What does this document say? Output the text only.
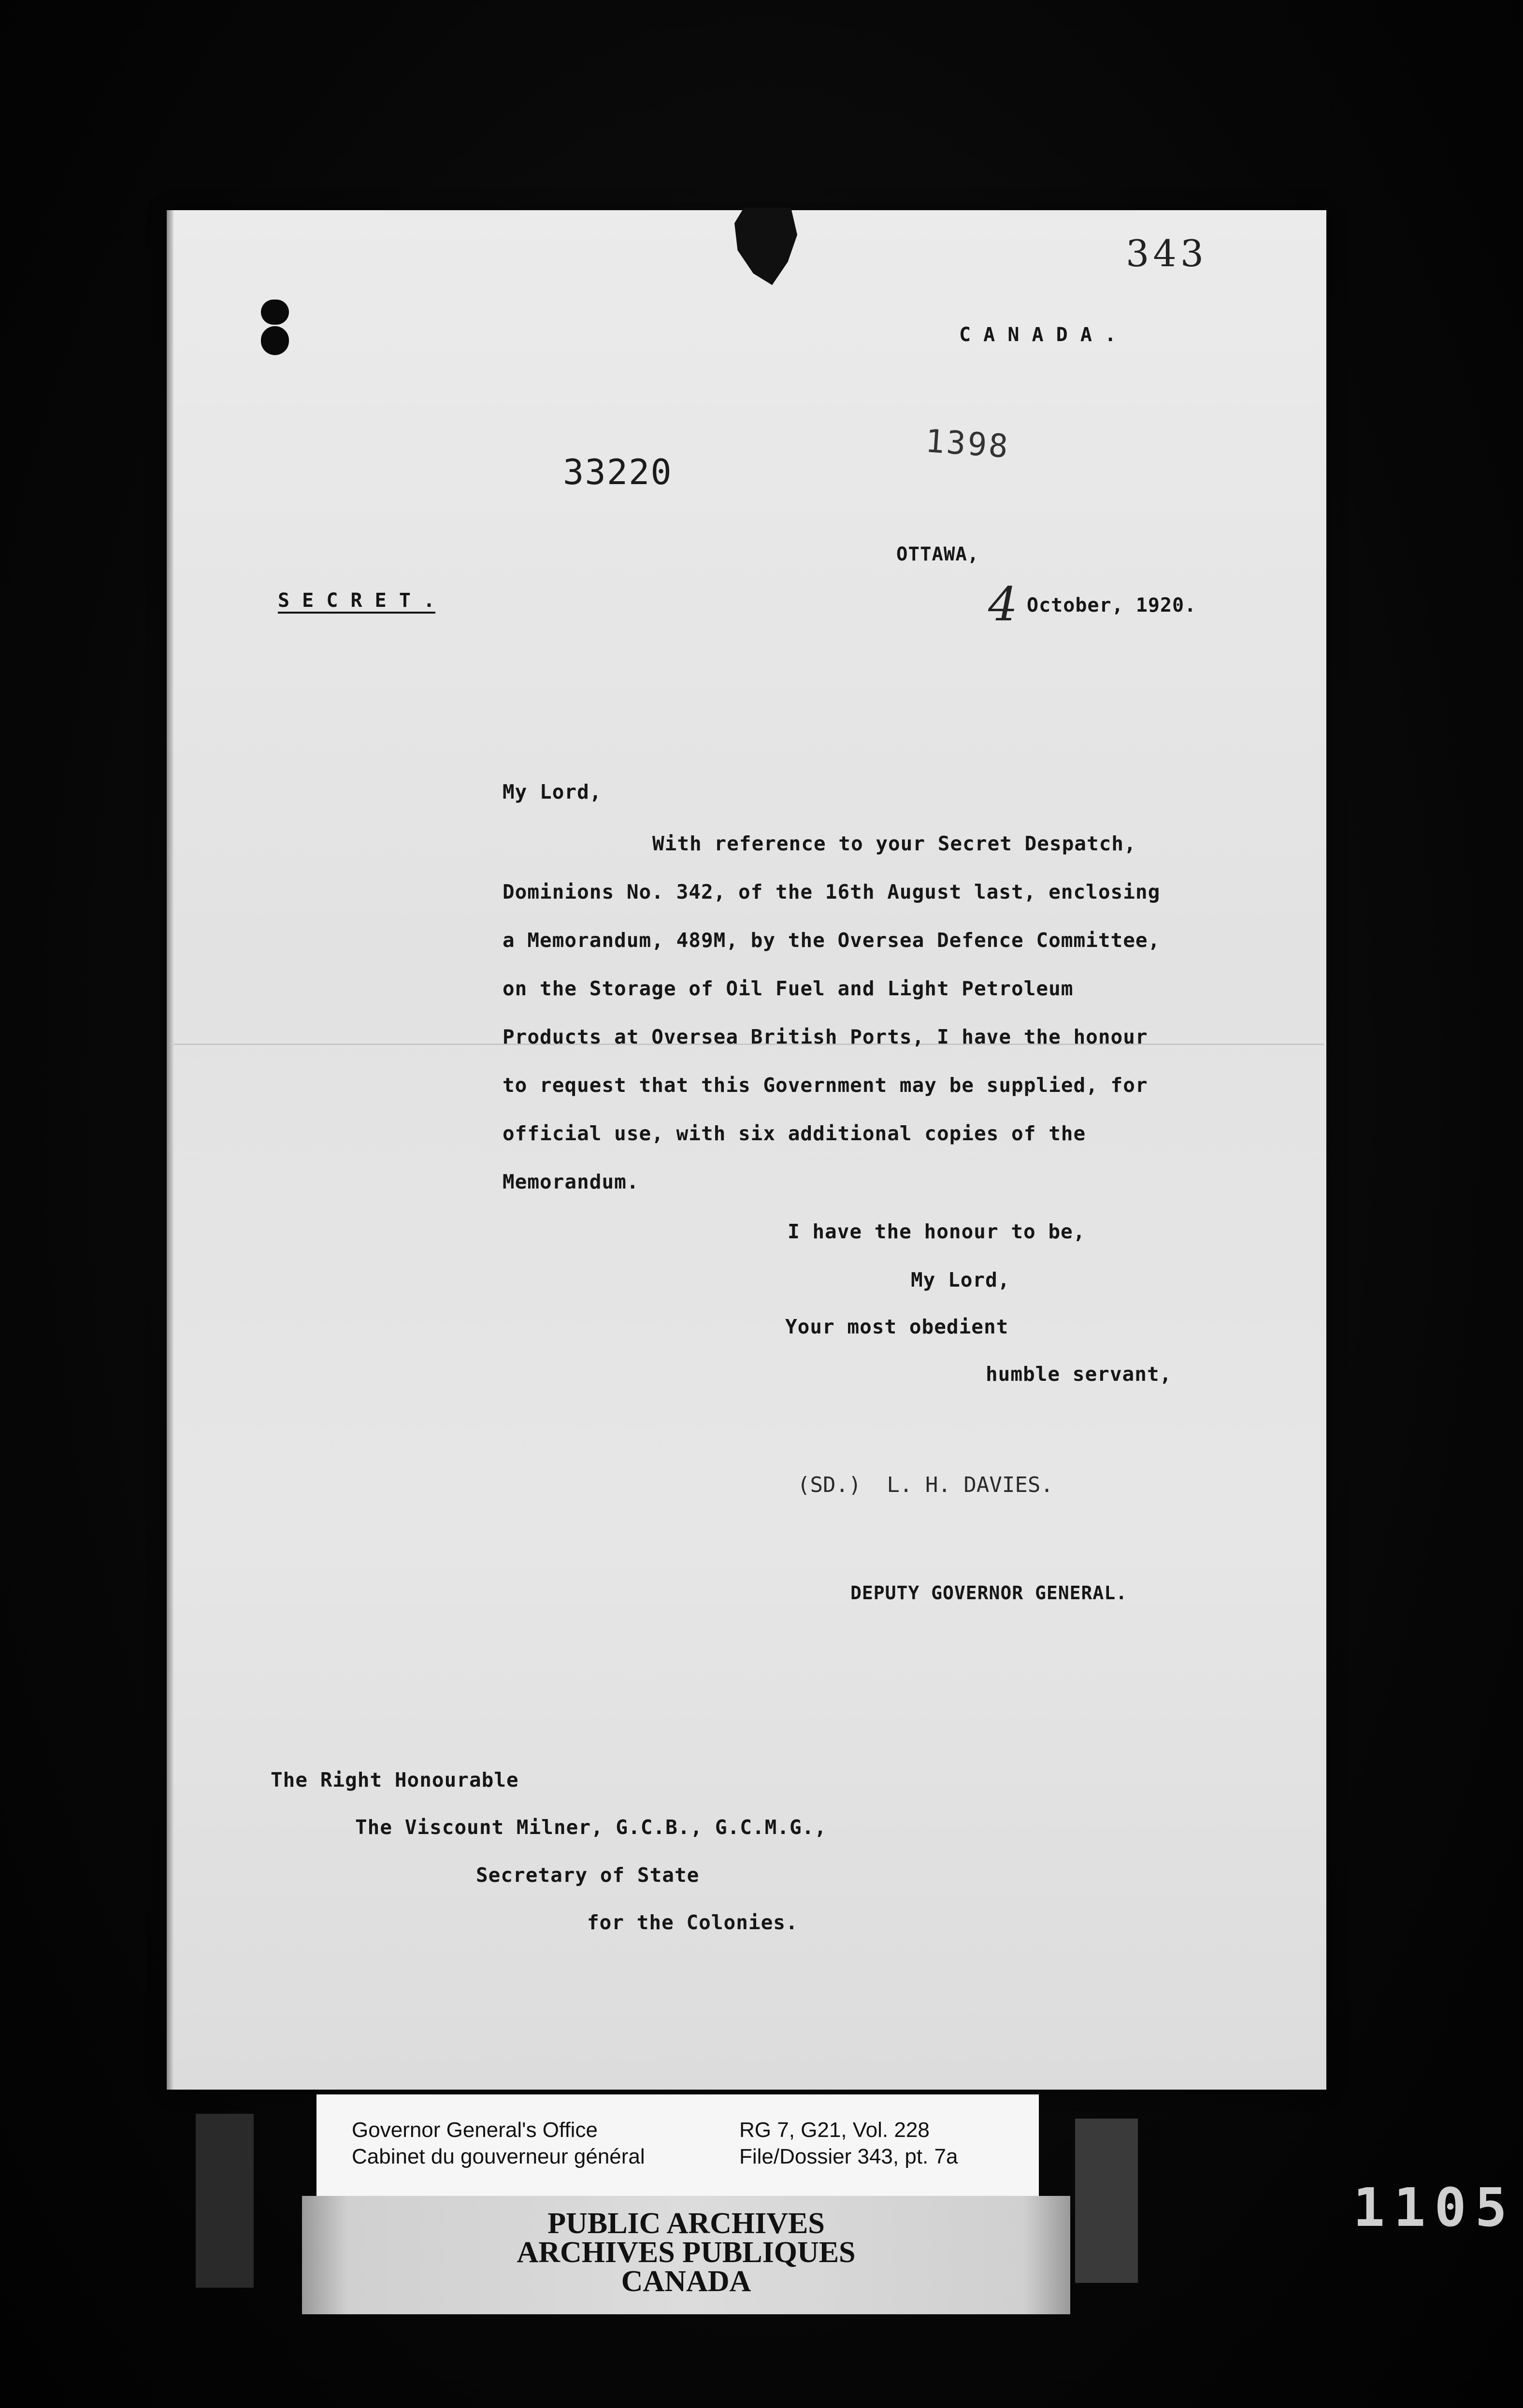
343
C A N A D A .
1398
33220
S E C R E T .
OTTAWA,
4 October, 1920.
My Lord,
With reference to your Secret Despatch,
Dominions No. 342, of the 16th August last, enclosing
a Memorandum, 489M, by the Oversea Defence Committee,
on the Storage of Oil Fuel and Light Petroleum
Products at Oversea British Ports, I have the honour
to request that this Government may be supplied, for
official use, with six additional copies of the
Memorandum.
I have the honour to be,
My Lord,
Your most obedient
humble servant,
(SD.)  L. H. DAVIES.
DEPUTY GOVERNOR GENERAL.
The Right Honourable
The Viscount Milner, G.C.B., G.C.M.G.,
Secretary of State
for the Colonies.
Governor General's Office
Cabinet du gouverneur général
RG 7, G21, Vol. 228
File/Dossier 343, pt. 7a
PUBLIC ARCHIVES
ARCHIVES PUBLIQUES
CANADA
1105
